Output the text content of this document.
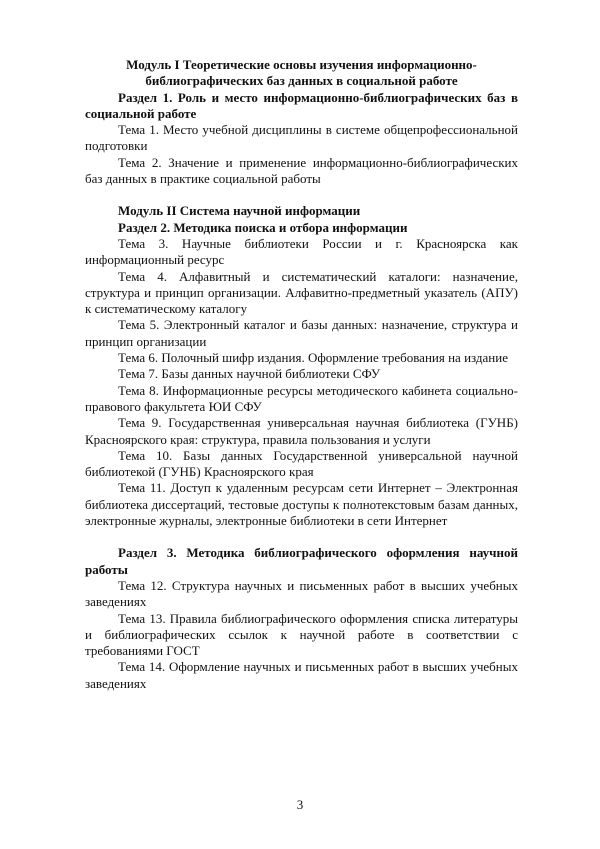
Модуль I Теоретические основы изучения информационно-библиографических баз данных в социальной работе

Раздел 1. Роль и место информационно-библиографических баз в социальной работе

Тема 1. Место учебной дисциплины в системе общепрофессиональной подготовки

Тема 2. Значение и применение информационно-библиографических баз данных в практике социальной работы

Модуль II Система научной информации

Раздел 2. Методика поиска и отбора информации

Тема 3. Научные библиотеки России и г. Красноярска как информационный ресурс

Тема 4. Алфавитный и систематический каталоги: назначение, структура и принцип организации. Алфавитно-предметный указатель (АПУ) к систематическому каталогу

Тема 5. Электронный каталог и базы данных: назначение, структура и принцип организации

Тема 6. Полочный шифр издания. Оформление требования на издание

Тема 7. Базы данных научной библиотеки СФУ

Тема 8. Информационные ресурсы методического кабинета социально-правового факультета ЮИ СФУ

Тема 9. Государственная универсальная научная библиотека (ГУНБ) Красноярского края: структура, правила пользования и услуги

Тема 10. Базы данных Государственной универсальной научной библиотекой (ГУНБ) Красноярского края

Тема 11. Доступ к удаленным ресурсам сети Интернет – Электронная библиотека диссертаций, тестовые доступы к полнотекстовым базам данных, электронные журналы, электронные библиотеки в сети Интернет

Раздел 3. Методика библиографического оформления научной работы

Тема 12. Структура научных и письменных работ в высших учебных заведениях

Тема 13. Правила библиографического оформления списка литературы и библиографических ссылок к научной работе в соответствии с требованиями ГОСТ

Тема 14. Оформление научных и письменных работ в высших учебных заведениях

3
